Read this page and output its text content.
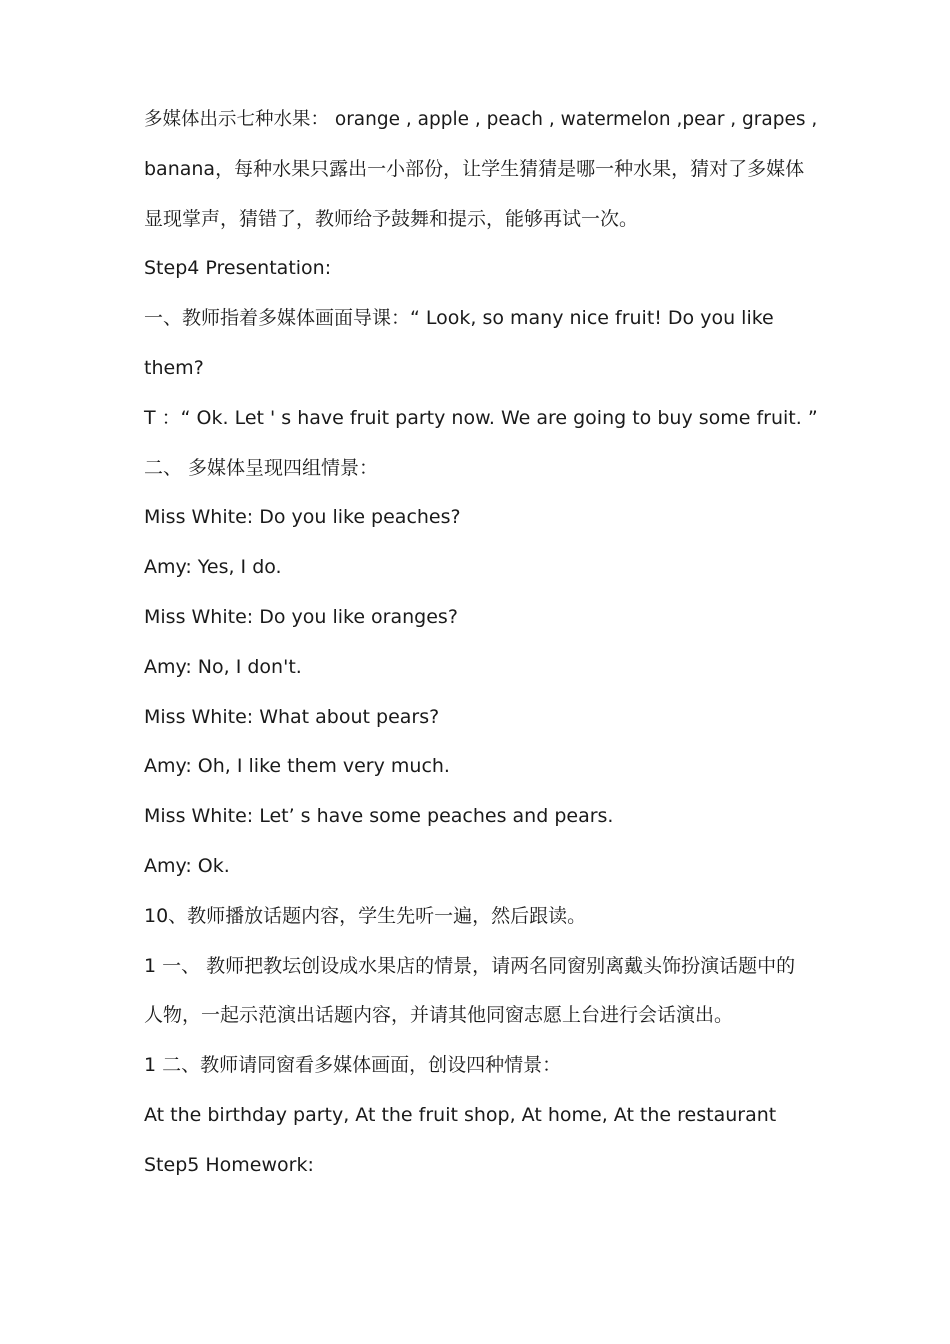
多媒体出示七种水果： orange , apple , peach , watermelon ,pear , grapes ,
banana，每种水果只露出一小部份，让学生猜猜是哪一种水果，猜对了多媒体
显现掌声，猜错了，教师给予鼓舞和提示，能够再试一次。
Step4 Presentation:
一、教师指着多媒体画面导课：“ Look, so many nice fruit! Do you like
them?
T ：“ Ok. Let ' s have fruit party now. We are going to buy some fruit. ”
二、 多媒体呈现四组情景：
Miss White: Do you like peaches?
Amy: Yes, I do.
Miss White: Do you like oranges?
Amy: No, I don't.
Miss White: What about pears?
Amy: Oh, I like them very much.
Miss White: Let’ s have some peaches and pears.
Amy: Ok.
10、教师播放话题内容，学生先听一遍，然后跟读。
1 一、 教师把教坛创设成水果店的情景，请两名同窗别离戴头饰扮演话题中的
人物，一起示范演出话题内容，并请其他同窗志愿上台进行会话演出。
1 二、教师请同窗看多媒体画面，创设四种情景：
At the birthday party, At the fruit shop, At home, At the restaurant
Step5 Homework:
